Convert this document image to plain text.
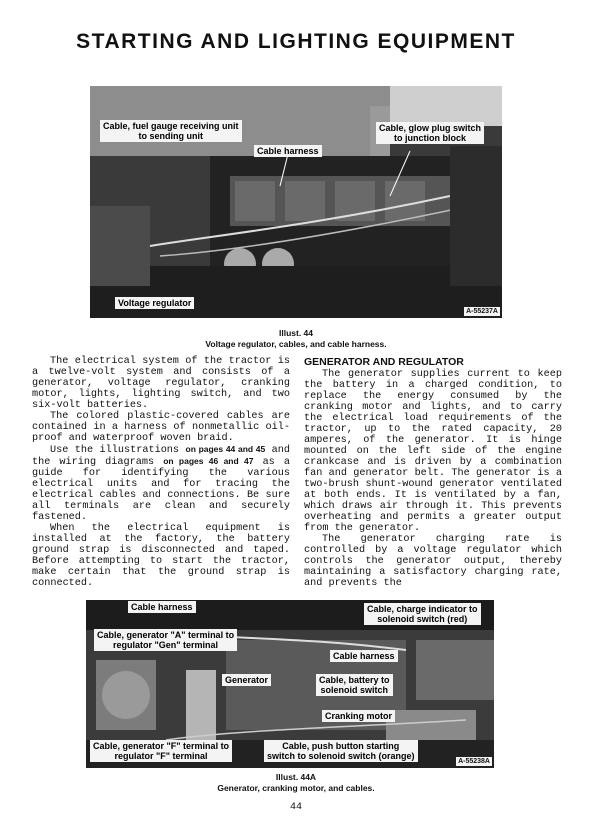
STARTING AND LIGHTING EQUIPMENT
Cable, fuel gauge receiving unit
to sending unit
Cable, glow plug switch
to junction block
Cable harness
Voltage regulator
A-55237A
Illust. 44
Voltage regulator, cables, and cable harness.

The electrical system of the tractor is a twelve-volt system and consists of a generator, voltage regulator, cranking motor, lights, lighting switch, and two six-volt batteries.

The colored plastic-covered cables are contained in a harness of nonmetallic oil-proof and waterproof woven braid.

Use the illustrations on pages 44 and 45 and the wiring diagrams on pages 46 and 47 as a guide for identifying the various electrical units and for tracing the electrical cables and connections. Be sure all terminals are clean and securely fastened.

When the electrical equipment is installed at the factory, the battery ground strap is disconnected and taped. Before attempting to start the tractor, make certain that the ground strap is connected.

GENERATOR AND REGULATOR

The generator supplies current to keep the battery in a charged condition, to replace the energy consumed by the cranking motor and lights, and to carry the electrical load requirements of the tractor, up to the rated capacity, 20 amperes, of the generator. It is hinge mounted on the left side of the engine crankcase and is driven by a combination fan and generator belt. The generator is a two-brush shunt-wound generator ventilated at both ends. It is ventilated by a fan, which draws air through it. This prevents overheating and permits a greater output from the generator.

The generator charging rate is controlled by a voltage regulator which controls the generator output, thereby maintaining a satisfactory charging rate, and prevents the

Cable harness
Cable, generator "A" terminal to
regulator "Gen" terminal
Cable, charge indicator to
solenoid switch (red)
Cable harness
Generator	Cable, battery to
solenoid switch
Cranking motor
Cable, generator "F" terminal to
regulator "F" terminal
Cable, push button starting
switch to solenoid switch (orange)
A-55238A
Illust. 44A
Generator, cranking motor, and cables.
44
